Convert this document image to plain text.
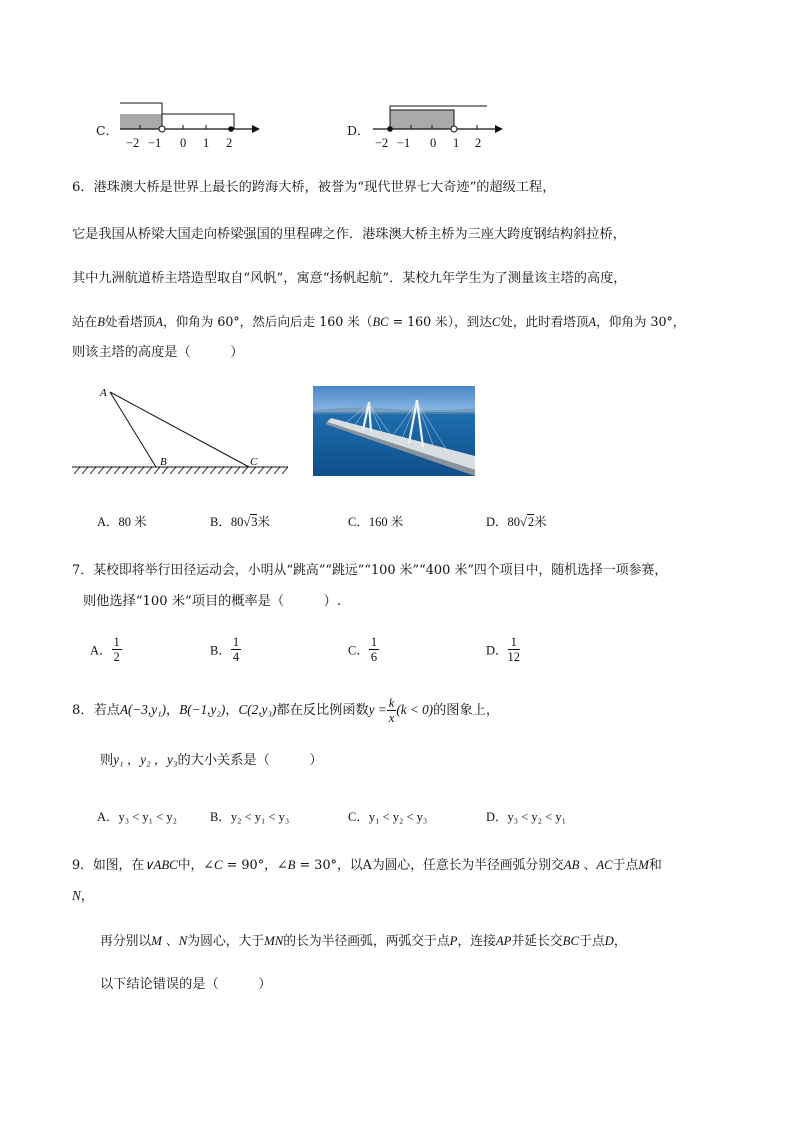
C．
−2 −1 0 1 2
D．
−2 −1 0 1 2
6．港珠澳大桥是世界上最长的跨海大桥，被誉为“现代世界七大奇迹”的超级工程，
它是我国从桥梁大国走向桥梁强国的里程碑之作．港珠澳大桥主桥为三座大跨度钢结构斜拉桥，
其中九洲航道桥主塔造型取自“风帆”，寓意“扬帆起航”．某校九年学生为了测量该主塔的高度，
站在B处看塔顶A，仰角为 60°，然后向后走 160 米（BC = 160 米），到达C处，此时看塔顶A，仰角为 30°，
则该主塔的高度是（　　　）
A
B	C
A．80 米	B．80√3米	C．160 米	D．80√2米
7．某校即将举行田径运动会，小明从“跳高”“跳远”“100 米”“400 米”四个项目中，随机选择一项参赛，
则他选择“100 米”项目的概率是（　　　）.
A． $\frac{1}{2}$	B． $\frac{1}{4}$	C． $\frac{1}{6}$	D． $\frac{1}{12}$
8．若点A(−3,y₁)，B(−1,y₂)，C(2,y₃)都在反比例函数$y = \frac{k}{x} (k < 0)$的图象上，
则y₁ ，y₂ ，y₃的大小关系是（　　　）
A．y₃ < y₁ < y₂	B．y₂ < y₁ < y₃	C．y₁ < y₂ < y₃	D．y₃ < y₂ < y₁
9．如图，在∨ABC中，∠C = 90°，∠B = 30°，以A为圆心，任意长为半径画弧分别交AB 、AC于点M和
N，
再分别以M 、N为圆心，大于MN的长为半径画弧，两弧交于点P，连接AP并延长交BC于点D，
以下结论错误的是（　　　）
